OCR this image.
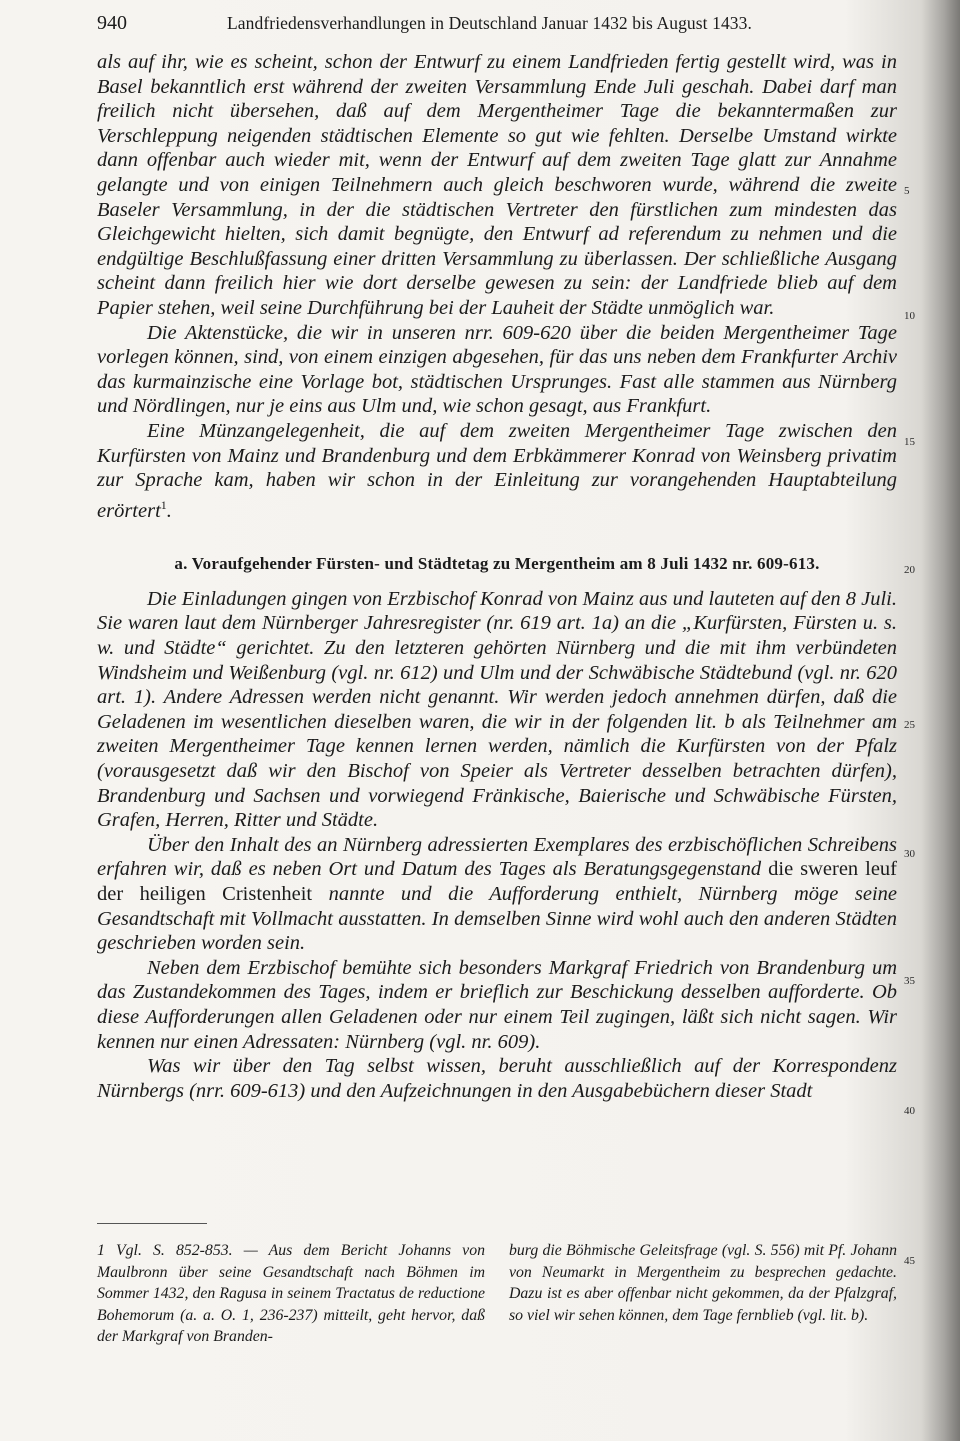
940	Landfriedensverhandlungen in Deutschland Januar 1432 bis August 1433.

als auf ihr, wie es scheint, schon der Entwurf zu einem Landfrieden fertig gestellt wird, was in Basel bekanntlich erst während der zweiten Versammlung Ende Juli geschah. Dabei darf man freilich nicht übersehen, daß auf dem Mergentheimer Tage die bekanntermaßen zur Verschleppung neigenden städtischen Elemente so gut wie fehlten. Derselbe Umstand wirkte dann offenbar auch wieder mit, wenn der Entwurf auf dem zweiten Tage glatt zur Annahme gelangte und von einigen Teilnehmern auch gleich beschworen wurde, während die zweite Baseler Versammlung, in der die städtischen Vertreter den fürstlichen zum mindesten das Gleichgewicht hielten, sich damit begnügte, den Entwurf ad referendum zu nehmen und die endgültige Beschlußfassung einer dritten Versammlung zu überlassen. Der schließliche Ausgang scheint dann freilich hier wie dort derselbe gewesen zu sein: der Landfriede blieb auf dem Papier stehen, weil seine Durchführung bei der Lauheit der Städte unmöglich war.

Die Aktenstücke, die wir in unseren nrr. 609-620 über die beiden Mergentheimer Tage vorlegen können, sind, von einem einzigen abgesehen, für das uns neben dem Frankfurter Archiv das kurmainzische eine Vorlage bot, städtischen Ursprunges. Fast alle stammen aus Nürnberg und Nördlingen, nur je eins aus Ulm und, wie schon gesagt, aus Frankfurt.

Eine Münzangelegenheit, die auf dem zweiten Mergentheimer Tage zwischen den Kurfürsten von Mainz und Brandenburg und dem Erbkämmerer Konrad von Weinsberg privatim zur Sprache kam, haben wir schon in der Einleitung zur vorangehenden Hauptabteilung erörtert$^1$.

a. Voraufgehender Fürsten- und Städtetag zu Mergentheim am 8 Juli 1432 nr. 609-613.

Die Einladungen gingen von Erzbischof Konrad von Mainz aus und lauteten auf den 8 Juli. Sie waren laut dem Nürnberger Jahresregister (nr. 619 art. 1a) an die „Kurfürsten, Fürsten u. s. w. und Städte“ gerichtet. Zu den letzteren gehörten Nürnberg und die mit ihm verbündeten Windsheim und Weißenburg (vgl. nr. 612) und Ulm und der Schwäbische Städtebund (vgl. nr. 620 art. 1). Andere Adressen werden nicht genannt. Wir werden jedoch annehmen dürfen, daß die Geladenen im wesentlichen dieselben waren, die wir in der folgenden lit. b als Teilnehmer am zweiten Mergentheimer Tage kennen lernen werden, nämlich die Kurfürsten von der Pfalz (vorausgesetzt daß wir den Bischof von Speier als Vertreter desselben betrachten dürfen), Brandenburg und Sachsen und vorwiegend Fränkische, Baierische und Schwäbische Fürsten, Grafen, Herren, Ritter und Städte.

Über den Inhalt des an Nürnberg adressierten Exemplares des erzbischöflichen Schreibens erfahren wir, daß es neben Ort und Datum des Tages als Beratungsgegenstand die sweren leuf der heiligen Cristenheit nannte und die Aufforderung enthielt, Nürnberg möge seine Gesandtschaft mit Vollmacht ausstatten. In demselben Sinne wird wohl auch den anderen Städten geschrieben worden sein.

Neben dem Erzbischof bemühte sich besonders Markgraf Friedrich von Brandenburg um das Zustandekommen des Tages, indem er brieflich zur Beschickung desselben aufforderte. Ob diese Aufforderungen allen Geladenen oder nur einem Teil zugingen, läßt sich nicht sagen. Wir kennen nur einen Adressaten: Nürnberg (vgl. nr. 609).

Was wir über den Tag selbst wissen, beruht ausschließlich auf der Korrespondenz Nürnbergs (nrr. 609-613) und den Aufzeichnungen in den Ausgabebüchern dieser Stadt

5
10
15
20
25
30
35
40
45

1 Vgl. S. 852-853. — Aus dem Bericht Johanns von Maulbronn über seine Gesandtschaft nach Böhmen im Sommer 1432, den Ragusa in seinem Tractatus de reductione Bohemorum (a. a. O. 1, 236-237) mitteilt, geht hervor, daß der Markgraf von Branden-

burg die Böhmische Geleitsfrage (vgl. S. 556) mit Pf. Johann von Neumarkt in Mergentheim zu besprechen gedachte. Dazu ist es aber offenbar nicht gekommen, da der Pfalzgraf, so viel wir sehen können, dem Tage fernblieb (vgl. lit. b).
